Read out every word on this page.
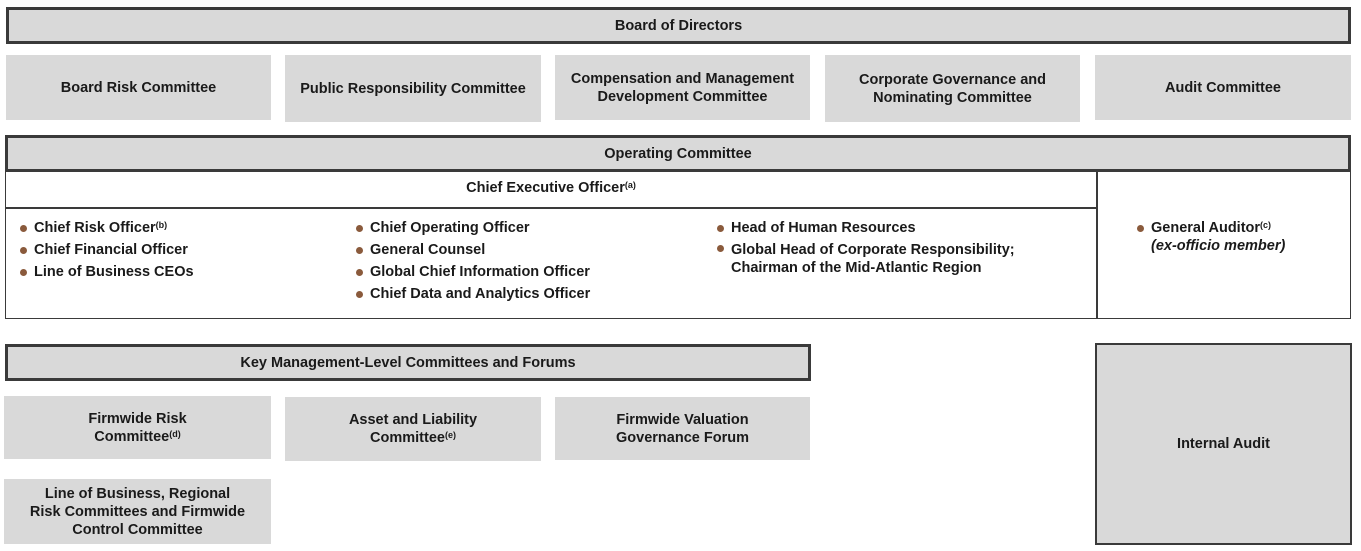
Board of Directors
Board Risk Committee	Public Responsibility Committee
Compensation and Management Development Committee
Corporate Governance and Nominating Committee
Audit Committee
Operating Committee
Chief Executive Officer$^{(a)}$
Chief Risk Officer$^{(b)}$
Chief Financial Officer
Line of Business CEOs
Chief Operating Officer
General Counsel
Global Chief Information Officer
Chief Data and Analytics Officer
Head of Human Resources
Global Head of Corporate Responsibility; Chairman of the Mid-Atlantic Region
General Auditor$^{(c)}$
(ex-officio member)
Key Management-Level Committees and Forums
Firmwide Risk Committee$^{(d)}$
Asset and Liability Committee$^{(e)}$
Firmwide Valuation Governance Forum
Line of Business, Regional Risk Committees and Firmwide Control Committee
Internal Audit
